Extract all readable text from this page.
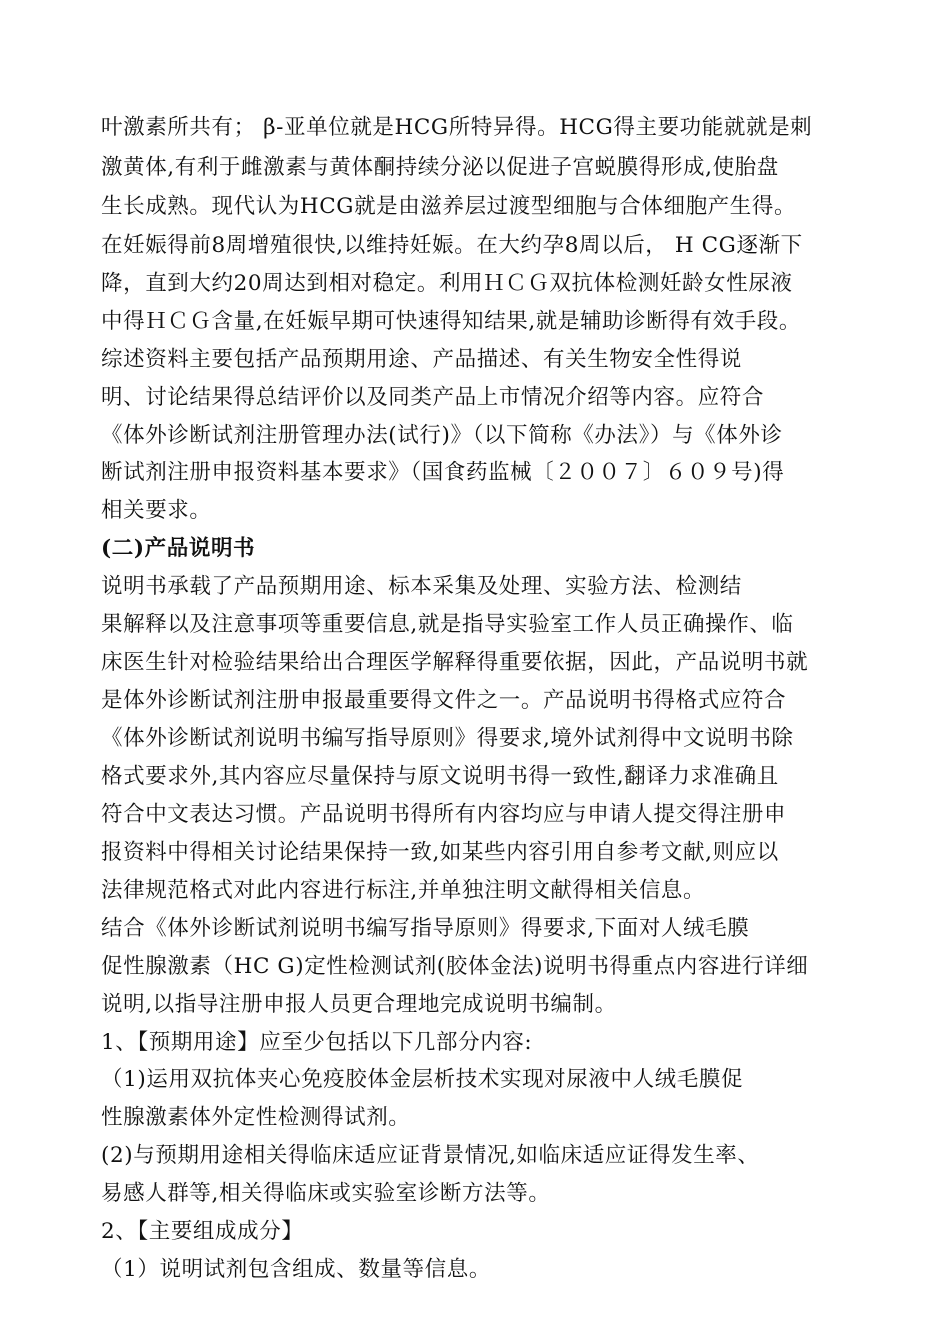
叶激素所共有； β-亚单位就是HCG所特异得。HCG得主要功能就就是刺
激黄体,有利于雌激素与黄体酮持续分泌以促进子宫蜕膜得形成,使胎盘
生长成熟。现代认为HCG就是由滋养层过渡型细胞与合体细胞产生得。
在妊娠得前8周增殖很快,以维持妊娠。在大约孕8周以后， H CG逐渐下
降，直到大约20周达到相对稳定。利用ＨＣＧ双抗体检测妊龄女性尿液
中得ＨＣＧ含量,在妊娠早期可快速得知结果,就是辅助诊断得有效手段。
综述资料主要包括产品预期用途、产品描述、有关生物安全性得说
明、讨论结果得总结评价以及同类产品上市情况介绍等内容。应符合
《体外诊断试剂注册管理办法(试行)》（以下简称《办法》）与《体外诊
断试剂注册申报资料基本要求》（国食药监械〔２００７〕６０９号)得
相关要求。
(二)产品说明书
说明书承载了产品预期用途、标本采集及处理、实验方法、检测结
果解释以及注意事项等重要信息,就是指导实验室工作人员正确操作、临
床医生针对检验结果给出合理医学解释得重要依据，因此，产品说明书就
是体外诊断试剂注册申报最重要得文件之一。产品说明书得格式应符合
《体外诊断试剂说明书编写指导原则》得要求,境外试剂得中文说明书除
格式要求外,其内容应尽量保持与原文说明书得一致性,翻译力求准确且
符合中文表达习惯。产品说明书得所有内容均应与申请人提交得注册申
报资料中得相关讨论结果保持一致,如某些内容引用自参考文献,则应以
法律规范格式对此内容进行标注,并单独注明文献得相关信息。
结合《体外诊断试剂说明书编写指导原则》得要求,下面对人绒毛膜
促性腺激素（HC G)定性检测试剂(胶体金法)说明书得重点内容进行详细
说明,以指导注册申报人员更合理地完成说明书编制。
1、【预期用途】应至少包括以下几部分内容:
（1)运用双抗体夹心免疫胶体金层析技术实现对尿液中人绒毛膜促
性腺激素体外定性检测得试剂。
(2)与预期用途相关得临床适应证背景情况,如临床适应证得发生率、
易感人群等,相关得临床或实验室诊断方法等。
2、【主要组成成分】
（1）说明试剂包含组成、数量等信息。
